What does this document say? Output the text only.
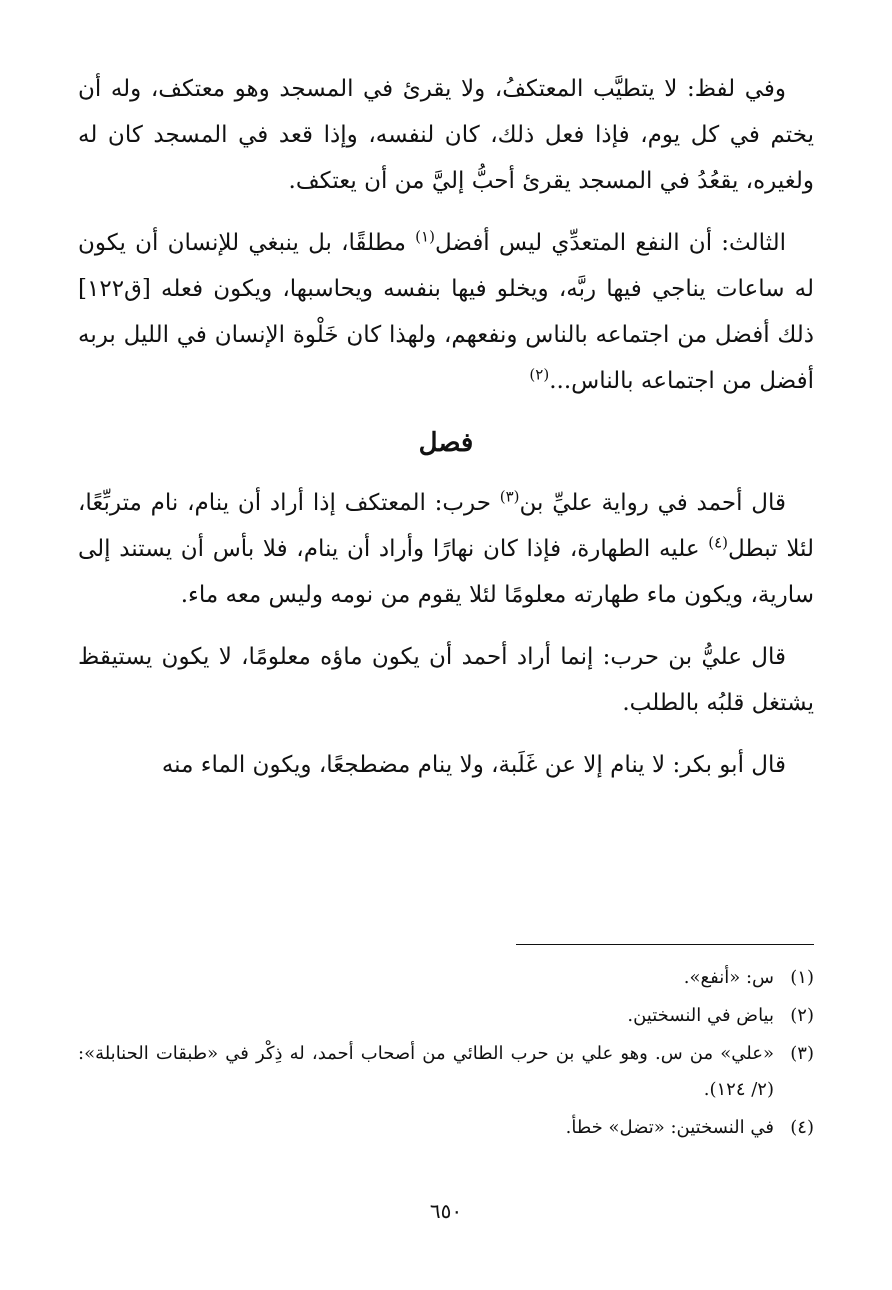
وفي لفظ: لا يتطيَّب المعتكفُ، ولا يقرئ في المسجد وهو معتكف، وله أن يختم في كل يوم، فإذا فعل ذلك، كان لنفسه، وإذا قعد في المسجد كان له ولغيره، يقعُدُ في المسجد يقرئ أحبُّ إليَّ من أن يعتكف.

الثالث: أن النفع المتعدِّي ليس أفضل$^{(١)}$ مطلقًا، بل ينبغي للإنسان أن يكون له ساعات يناجي فيها ربَّه، ويخلو فيها بنفسه ويحاسبها، ويكون فعله [ق١٢٢] ذلك أفضل من اجتماعه بالناس ونفعهم، ولهذا كان خَلْوة الإنسان في الليل بربه أفضل من اجتماعه بالناس...$^{(٢)}$

فصل

قال أحمد في رواية عليِّ بن$^{(٣)}$ حرب: المعتكف إذا أراد أن ينام، نام متربِّعًا، لئلا تبطل$^{(٤)}$ عليه الطهارة، فإذا كان نهارًا وأراد أن ينام، فلا بأس أن يستند إلى سارية، ويكون ماء طهارته معلومًا لئلا يقوم من نومه وليس معه ماء.

قال عليُّ بن حرب: إنما أراد أحمد أن يكون ماؤه معلومًا، لا يكون يستيقظ يشتغل قلبُه بالطلب.

قال أبو بكر: لا ينام إلا عن غَلَبة، ولا ينام مضطجعًا، ويكون الماء منه

(١)
س: «أنفع».
(٢)
بياض في النسختين.
(٣)
«علي» من س. وهو علي بن حرب الطائي من أصحاب أحمد، له ذِكْر في «طبقات الحنابلة»: (٢/ ١٢٤).
(٤)
في النسختين: «تضل» خطأ.
٦٥٠
